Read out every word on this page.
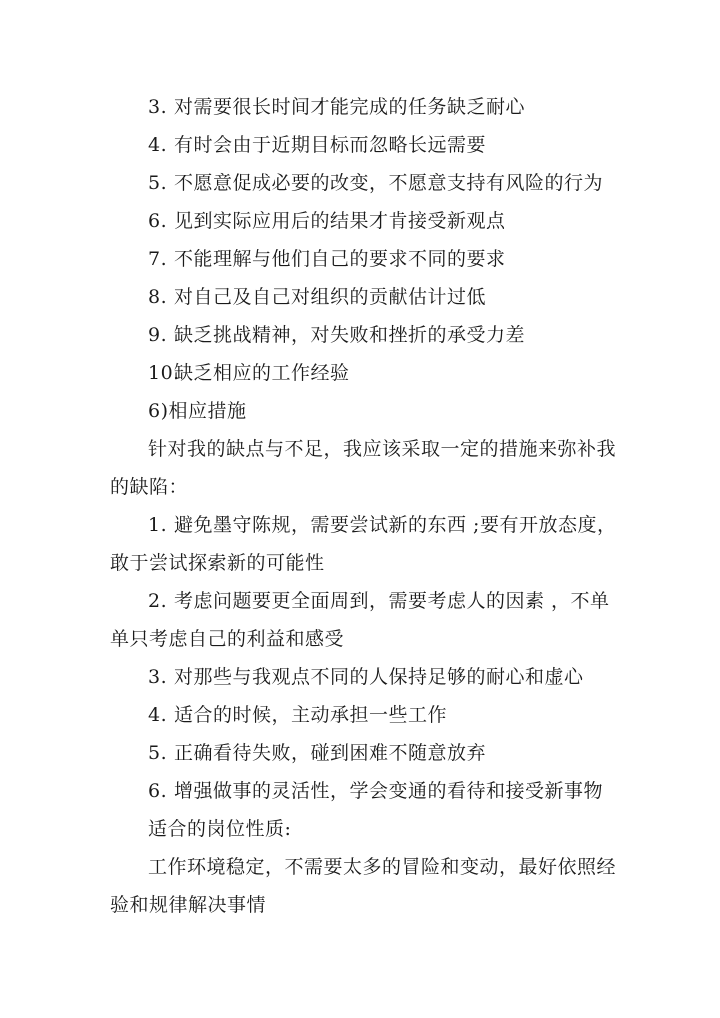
3. 对需要很长时间才能完成的任务缺乏耐心
4. 有时会由于近期目标而忽略长远需要
5. 不愿意促成必要的改变，不愿意支持有风险的行为
6. 见到实际应用后的结果才肯接受新观点
7. 不能理解与他们自己的要求不同的要求
8. 对自己及自己对组织的贡献估计过低
9. 缺乏挑战精神，对失败和挫折的承受力差
10.缺乏相应的工作经验
6)相应措施
针对我的缺点与不足，我应该采取一定的措施来弥补我
的缺陷：
1. 避免墨守陈规，需要尝试新的东西 ;要有开放态度，
敢于尝试探索新的可能性
2. 考虑问题要更全面周到，需要考虑人的因素 ，不单
单只考虑自己的利益和感受
3. 对那些与我观点不同的人保持足够的耐心和虚心
4. 适合的时候，主动承担一些工作
5. 正确看待失败，碰到困难不随意放弃
6. 增强做事的灵活性，学会变通的看待和接受新事物
适合的岗位性质:
工作环境稳定，不需要太多的冒险和变动，最好依照经
验和规律解决事情
